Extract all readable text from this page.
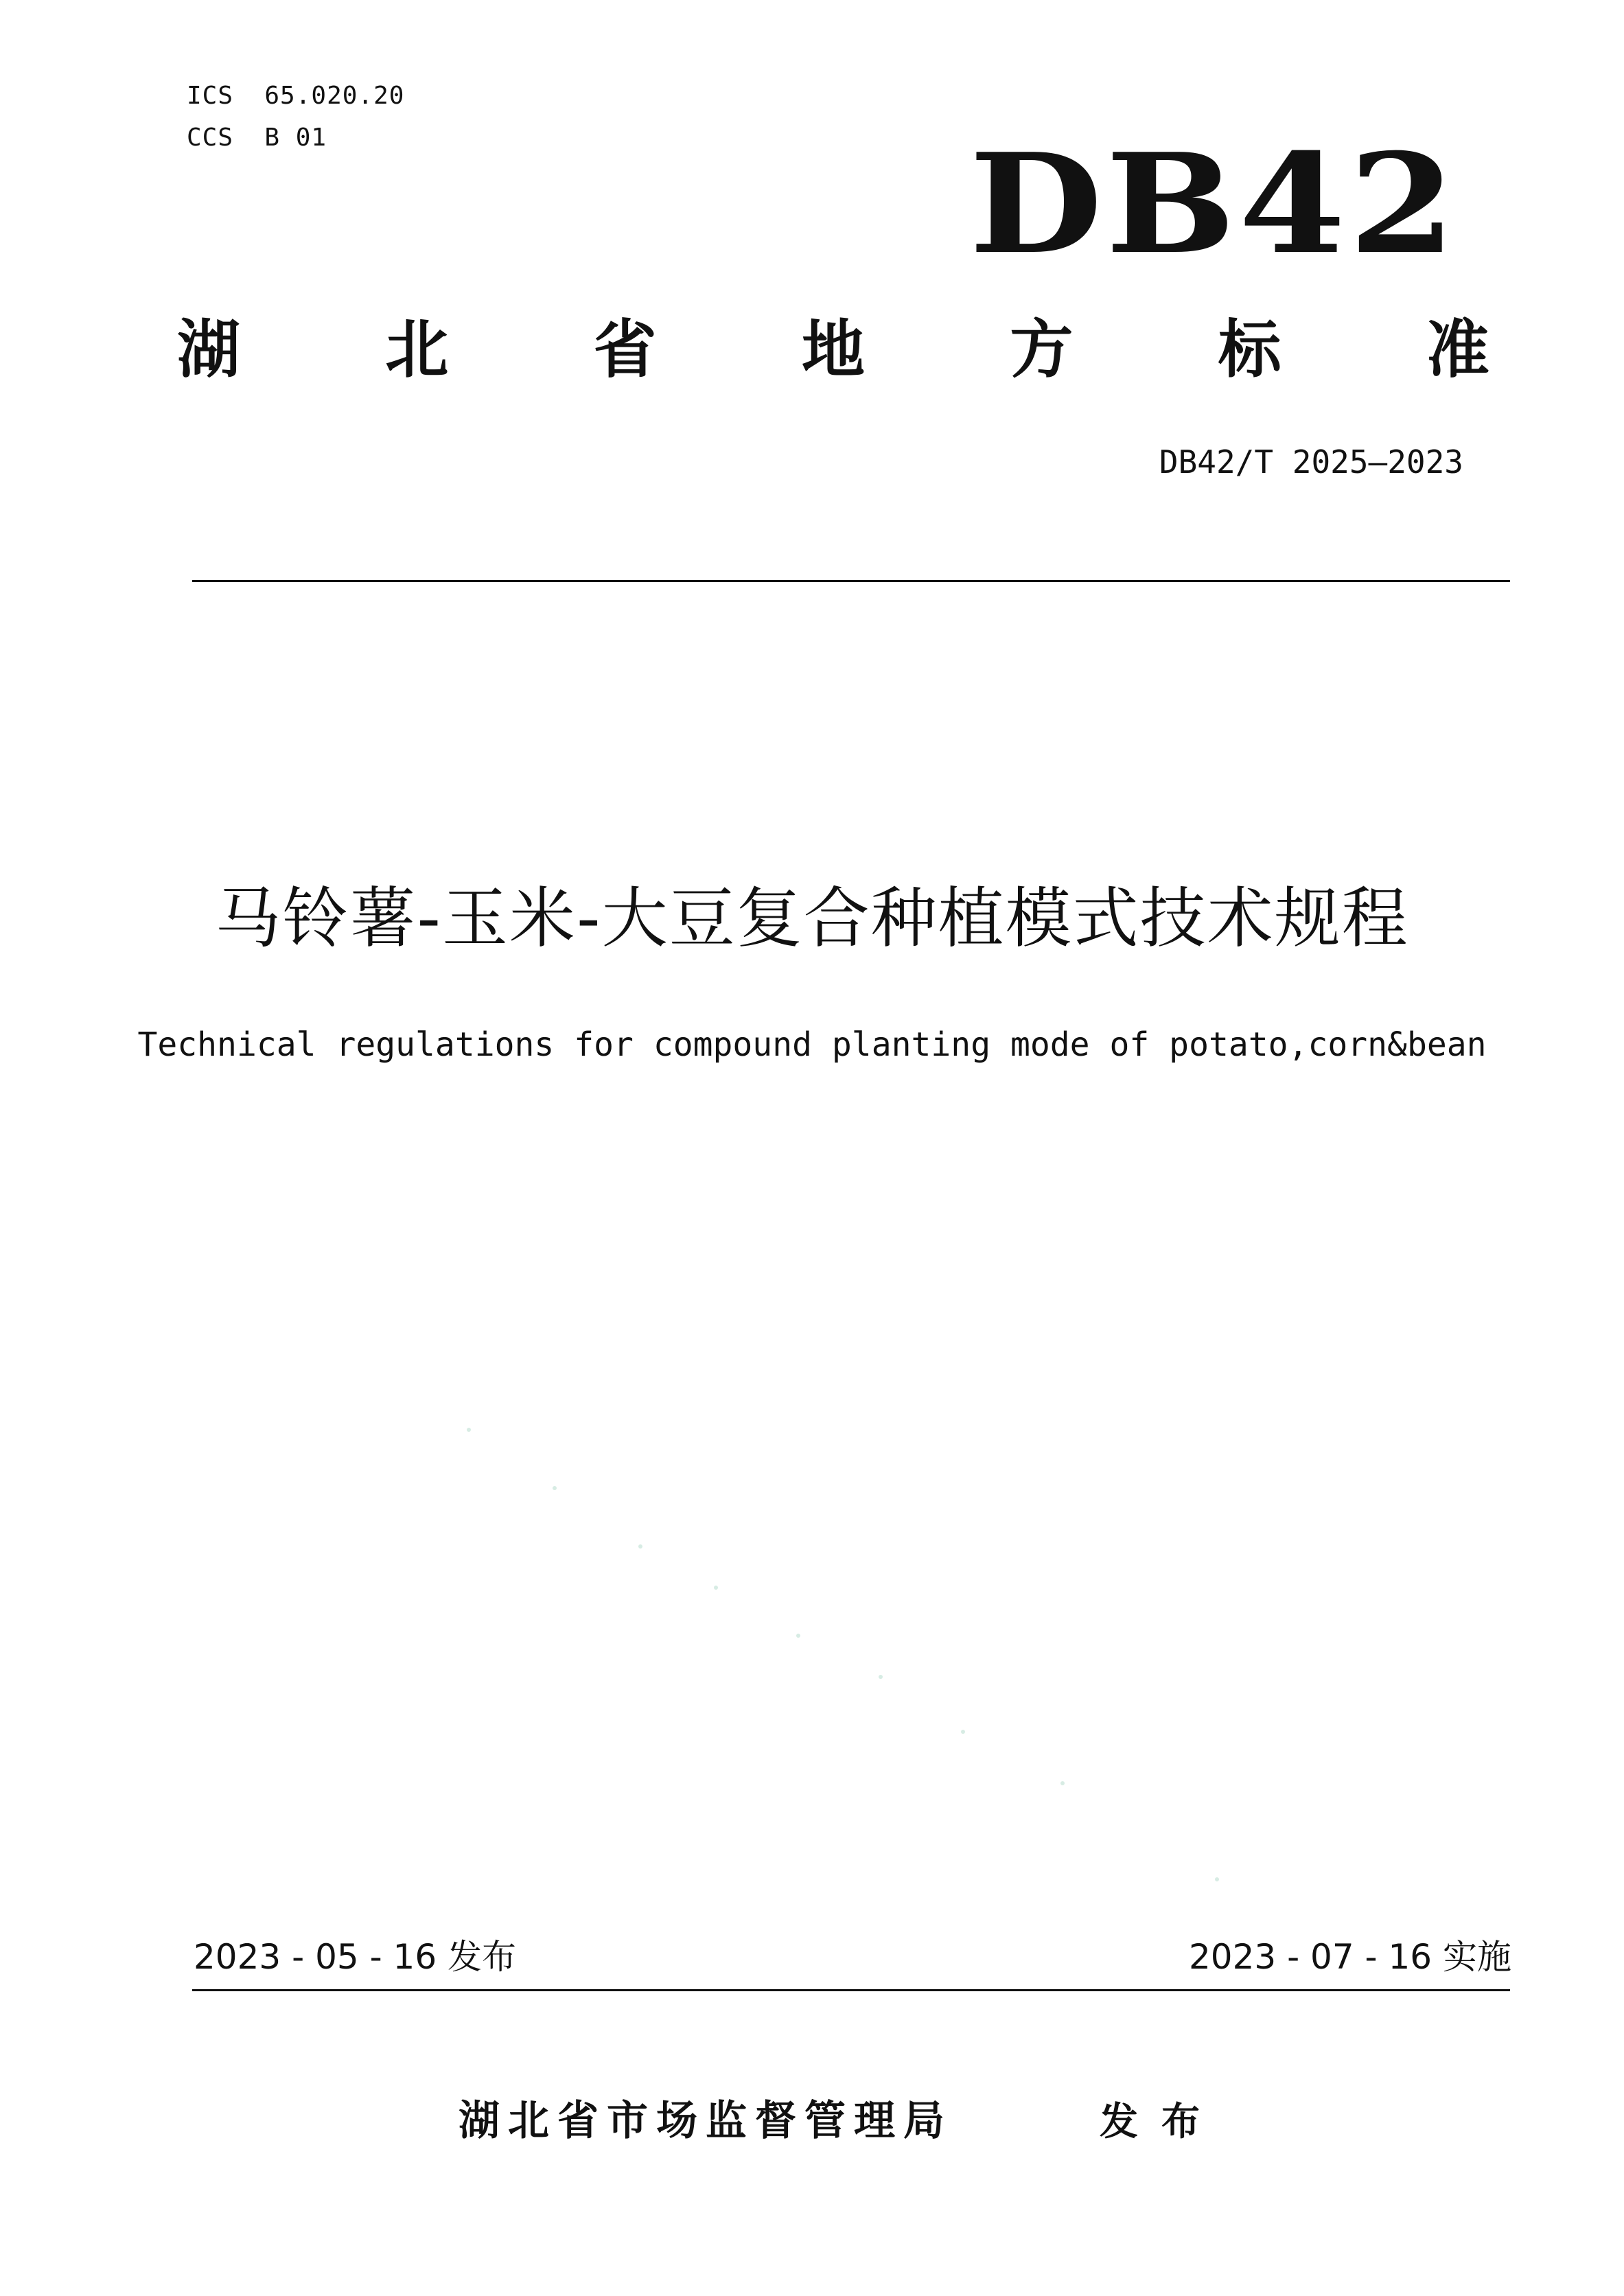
ICS  65.020.20
CCS  B 01	DB42
湖 北 省 地 方 标 准
DB42/T 2025—2023
马铃薯-玉米-大豆复合种植模式技术规程
Technical regulations for compound planting mode of potato,corn&bean
2023 - 05 - 16 发布	2023 - 07 - 16 实施
湖北省市场监督管理局	发布
